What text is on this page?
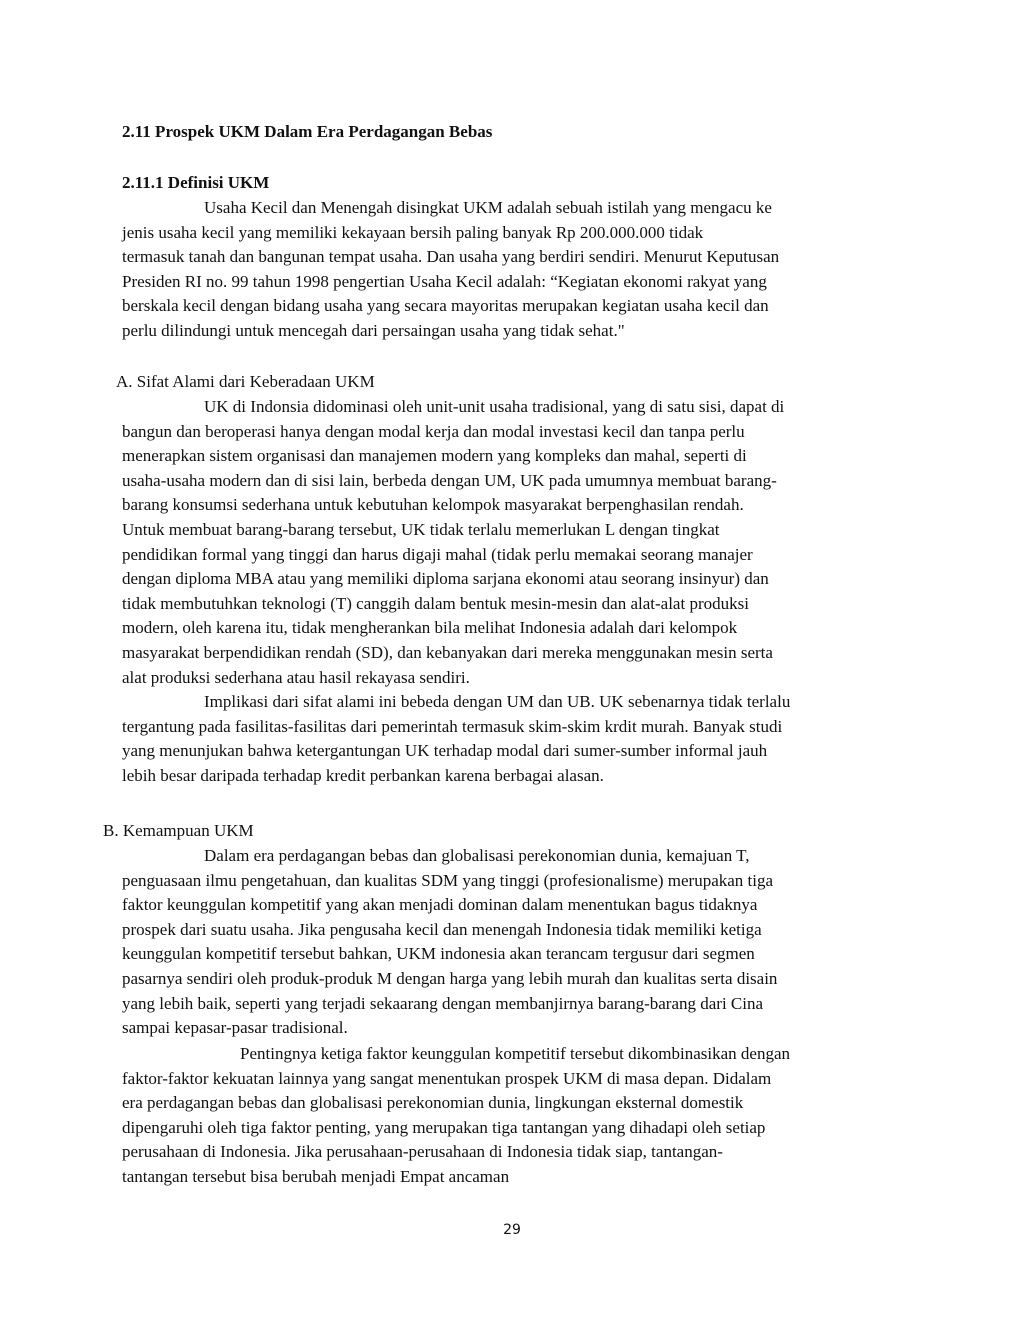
2.11 Prospek UKM Dalam Era Perdagangan Bebas
2.11.1 Definisi UKM

Usaha Kecil dan Menengah disingkat UKM adalah sebuah istilah yang mengacu ke
jenis usaha kecil yang memiliki kekayaan bersih paling banyak Rp 200.000.000 tidak
termasuk tanah dan bangunan tempat usaha. Dan usaha yang berdiri sendiri. Menurut Keputusan
Presiden RI no. 99 tahun 1998 pengertian Usaha Kecil adalah: “Kegiatan ekonomi rakyat yang
berskala kecil dengan bidang usaha yang secara mayoritas merupakan kegiatan usaha kecil dan
perlu dilindungi untuk mencegah dari persaingan usaha yang tidak sehat."

A. Sifat Alami dari Keberadaan UKM

UK di Indonsia didominasi oleh unit-unit usaha tradisional, yang di satu sisi, dapat di
bangun dan beroperasi hanya dengan modal kerja dan modal investasi kecil dan tanpa perlu
menerapkan sistem organisasi dan manajemen modern yang kompleks dan mahal, seperti di
usaha-usaha modern dan di sisi lain, berbeda dengan UM, UK pada umumnya membuat barang-
barang konsumsi sederhana untuk kebutuhan kelompok masyarakat berpenghasilan rendah.
Untuk membuat barang-barang tersebut, UK tidak terlalu memerlukan L dengan tingkat
pendidikan formal yang tinggi dan harus digaji mahal (tidak perlu memakai seorang manajer
dengan diploma MBA atau yang memiliki diploma sarjana ekonomi atau seorang insinyur) dan
tidak membutuhkan teknologi (T) canggih dalam bentuk mesin-mesin dan alat-alat produksi
modern, oleh karena itu, tidak mengherankan bila melihat Indonesia adalah dari kelompok
masyarakat berpendidikan rendah (SD), dan kebanyakan dari mereka menggunakan mesin serta
alat produksi sederhana atau hasil rekayasa sendiri.

Implikasi dari sifat alami ini bebeda dengan UM dan UB. UK sebenarnya tidak terlalu
tergantung pada fasilitas-fasilitas dari pemerintah termasuk skim-skim krdit murah. Banyak studi
yang menunjukan bahwa ketergantungan UK terhadap modal dari sumer-sumber informal jauh
lebih besar daripada terhadap kredit perbankan karena berbagai alasan.

B. Kemampuan UKM

Dalam era perdagangan bebas dan globalisasi perekonomian dunia, kemajuan T,
penguasaan ilmu pengetahuan, dan kualitas SDM yang tinggi (profesionalisme) merupakan tiga
faktor keunggulan kompetitif yang akan menjadi dominan dalam menentukan bagus tidaknya
prospek dari suatu usaha. Jika pengusaha kecil dan menengah Indonesia tidak memiliki ketiga
keunggulan kompetitif tersebut bahkan, UKM indonesia akan terancam tergusur dari segmen
pasarnya sendiri oleh produk-produk M dengan harga yang lebih murah dan kualitas serta disain
yang lebih baik, seperti yang terjadi sekaarang dengan membanjirnya barang-barang dari Cina
sampai kepasar-pasar tradisional.

Pentingnya ketiga faktor keunggulan kompetitif tersebut dikombinasikan dengan
faktor-faktor kekuatan lainnya yang sangat menentukan prospek UKM di masa depan. Didalam
era perdagangan bebas dan globalisasi perekonomian dunia, lingkungan eksternal domestik
dipengaruhi oleh tiga faktor penting, yang merupakan tiga tantangan yang dihadapi oleh setiap
perusahaan di Indonesia. Jika perusahaan-perusahaan di Indonesia tidak siap, tantangan-
tantangan tersebut bisa berubah menjadi Empat ancaman

29
